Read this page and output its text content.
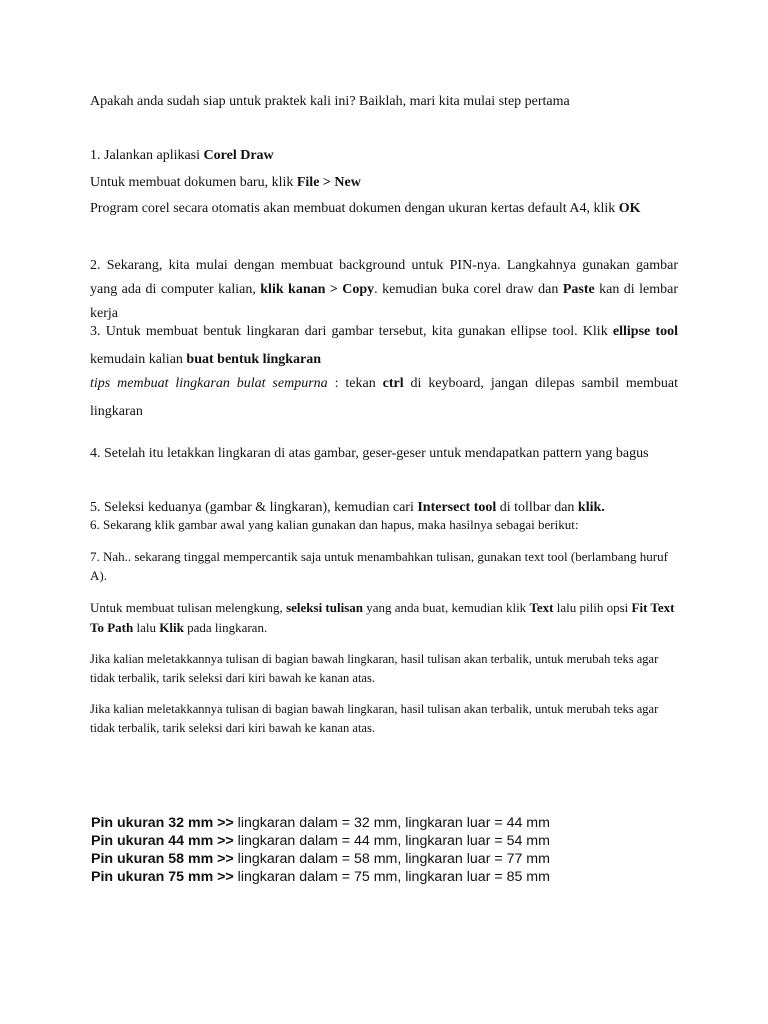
Apakah anda sudah siap untuk praktek kali ini? Baiklah, mari kita mulai step pertama

1. Jalankan aplikasi Corel Draw

Untuk membuat dokumen baru, klik File > New

Program corel secara otomatis akan membuat dokumen dengan ukuran kertas default A4, klik OK

2. Sekarang, kita mulai dengan membuat background untuk PIN-nya. Langkahnya gunakan gambar yang ada di computer kalian, klik kanan > Copy. kemudian buka corel draw dan Paste kan di lembar kerja

3. Untuk membuat bentuk lingkaran dari gambar tersebut, kita gunakan ellipse tool. Klik ellipse tool kemudain kalian buat bentuk lingkaran

tips membuat lingkaran bulat sempurna : tekan ctrl di keyboard, jangan dilepas sambil membuat lingkaran

4. Setelah itu letakkan lingkaran di atas gambar, geser-geser untuk mendapatkan pattern yang bagus

5. Seleksi keduanya (gambar & lingkaran), kemudian cari Intersect tool di tollbar dan klik.

6. Sekarang klik gambar awal yang kalian gunakan dan hapus, maka hasilnya sebagai berikut:

7. Nah.. sekarang tinggal mempercantik saja untuk menambahkan tulisan, gunakan text tool (berlambang huruf A).

Untuk membuat tulisan melengkung, seleksi tulisan yang anda buat, kemudian klik Text lalu pilih opsi Fit Text To Path lalu Klik pada lingkaran.

Jika kalian meletakkannya tulisan di bagian bawah lingkaran, hasil tulisan akan terbalik, untuk merubah teks agar tidak terbalik, tarik seleksi dari kiri bawah ke kanan atas.

Jika kalian meletakkannya tulisan di bagian bawah lingkaran, hasil tulisan akan terbalik, untuk merubah teks agar tidak terbalik, tarik seleksi dari kiri bawah ke kanan atas.

Pin ukuran 32 mm >> lingkaran dalam = 32 mm, lingkaran luar = 44 mm
Pin ukuran 44 mm >> lingkaran dalam = 44 mm, lingkaran luar = 54 mm
Pin ukuran 58 mm >> lingkaran dalam = 58 mm, lingkaran luar = 77 mm
Pin ukuran 75 mm >> lingkaran dalam = 75 mm, lingkaran luar = 85 mm
